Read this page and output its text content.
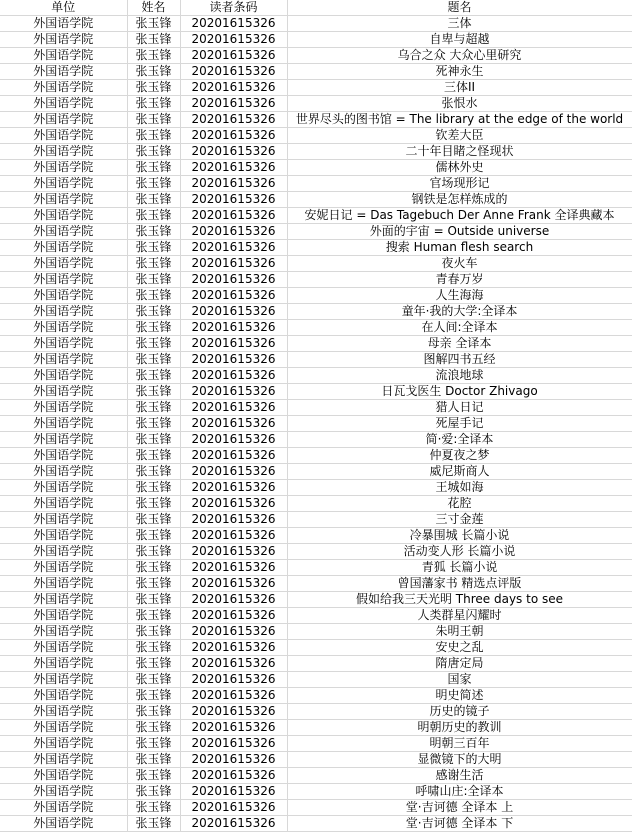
单位	姓名	读者条码	题名
外国语学院	张玉锋	20201615326	三体
外国语学院	张玉锋	20201615326	自卑与超越
外国语学院	张玉锋	20201615326	乌合之众 大众心里研究
外国语学院	张玉锋	20201615326	死神永生
外国语学院	张玉锋	20201615326	三体II
外国语学院	张玉锋	20201615326	张恨水
外国语学院	张玉锋	20201615326	世界尽头的图书馆 = The library at the edge of the world
外国语学院	张玉锋	20201615326	钦差大臣
外国语学院	张玉锋	20201615326	二十年目睹之怪现状
外国语学院	张玉锋	20201615326	儒林外史
外国语学院	张玉锋	20201615326	官场现形记
外国语学院	张玉锋	20201615326	钢铁是怎样炼成的
外国语学院	张玉锋	20201615326	安妮日记 = Das Tagebuch Der Anne Frank 全译典藏本
外国语学院	张玉锋	20201615326	外面的宇宙 = Outside universe
外国语学院	张玉锋	20201615326	搜索 Human flesh search
外国语学院	张玉锋	20201615326	夜火车
外国语学院	张玉锋	20201615326	青春万岁
外国语学院	张玉锋	20201615326	人生海海
外国语学院	张玉锋	20201615326	童年·我的大学:全译本
外国语学院	张玉锋	20201615326	在人间:全译本
外国语学院	张玉锋	20201615326	母亲 全译本
外国语学院	张玉锋	20201615326	图解四书五经
外国语学院	张玉锋	20201615326	流浪地球
外国语学院	张玉锋	20201615326	日瓦戈医生 Doctor Zhivago
外国语学院	张玉锋	20201615326	猎人日记
外国语学院	张玉锋	20201615326	死屋手记
外国语学院	张玉锋	20201615326	简·爱:全译本
外国语学院	张玉锋	20201615326	仲夏夜之梦
外国语学院	张玉锋	20201615326	威尼斯商人
外国语学院	张玉锋	20201615326	王城如海
外国语学院	张玉锋	20201615326	花腔
外国语学院	张玉锋	20201615326	三寸金莲
外国语学院	张玉锋	20201615326	冷暴围城 长篇小说
外国语学院	张玉锋	20201615326	活动变人形 长篇小说
外国语学院	张玉锋	20201615326	青狐 长篇小说
外国语学院	张玉锋	20201615326	曾国藩家书 精选点评版
外国语学院	张玉锋	20201615326	假如给我三天光明 Three days to see
外国语学院	张玉锋	20201615326	人类群星闪耀时
外国语学院	张玉锋	20201615326	朱明王朝
外国语学院	张玉锋	20201615326	安史之乱
外国语学院	张玉锋	20201615326	隋唐定局
外国语学院	张玉锋	20201615326	国家
外国语学院	张玉锋	20201615326	明史简述
外国语学院	张玉锋	20201615326	历史的镜子
外国语学院	张玉锋	20201615326	明朝历史的教训
外国语学院	张玉锋	20201615326	明朝三百年
外国语学院	张玉锋	20201615326	显微镜下的大明
外国语学院	张玉锋	20201615326	感谢生活
外国语学院	张玉锋	20201615326	呼啸山庄:全译本
外国语学院	张玉锋	20201615326	堂·吉诃德 全译本 上
外国语学院	张玉锋	20201615326	堂·吉诃德 全译本 下
